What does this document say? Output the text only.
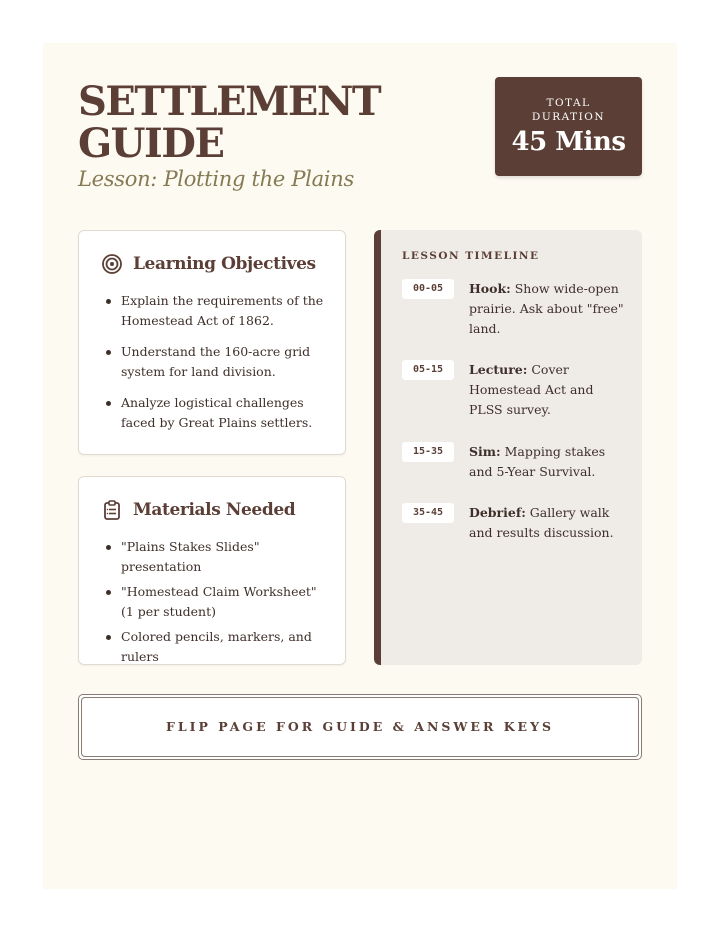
SETTLEMENT GUIDE
Lesson: Plotting the Plains
TOTAL DURATION
45 Mins
Learning Objectives
Explain the requirements of the Homestead Act of 1862.
Understand the 160-acre grid system for land division.
Analyze logistical challenges faced by Great Plains settlers.
Materials Needed
"Plains Stakes Slides" presentation
"Homestead Claim Worksheet" (1 per student)
Colored pencils, markers, and rulers
LESSON TIMELINE
00-05	Hook: Show wide-open prairie. Ask about "free" land.
05-15	Lecture: Cover Homestead Act and PLSS survey.
15-35	Sim: Mapping stakes and 5-Year Survival.
35-45	Debrief: Gallery walk and results discussion.
FLIP PAGE FOR GUIDE & ANSWER KEYS
